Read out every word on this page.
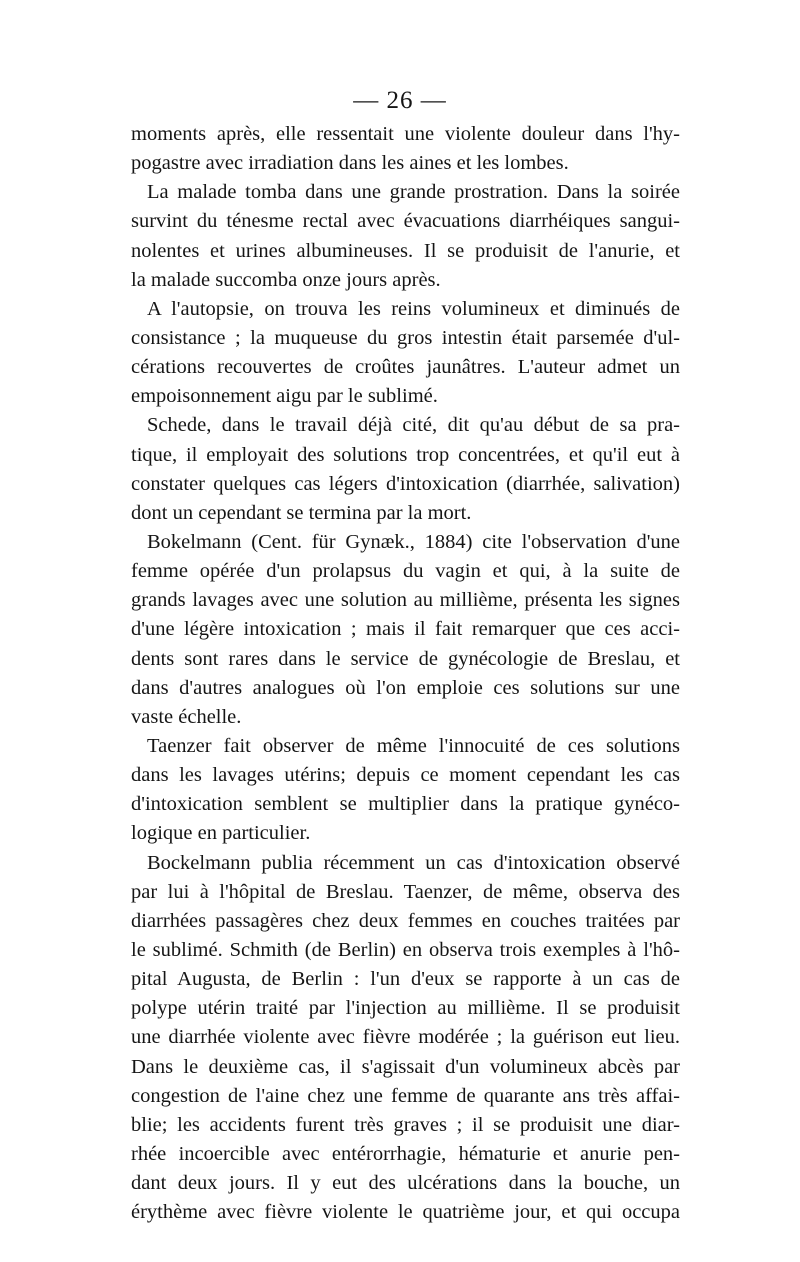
— 26 —
moments après, elle ressentait une violente douleur dans l'hy-
pogastre avec irradiation dans les aines et les lombes.
La malade tomba dans une grande prostration. Dans la soirée
survint du ténesme rectal avec évacuations diarrhéiques sangui-
nolentes et urines albumineuses. Il se produisit de l'anurie, et
la malade succomba onze jours après.
A l'autopsie, on trouva les reins volumineux et diminués de
consistance ; la muqueuse du gros intestin était parsemée d'ul-
cérations recouvertes de croûtes jaunâtres. L'auteur admet un
empoisonnement aigu par le sublimé.
Schede, dans le travail déjà cité, dit qu'au début de sa pra-
tique, il employait des solutions trop concentrées, et qu'il eut à
constater quelques cas légers d'intoxication (diarrhée, salivation)
dont un cependant se termina par la mort.
Bokelmann (Cent. für Gynæk., 1884) cite l'observation d'une
femme opérée d'un prolapsus du vagin et qui, à la suite de
grands lavages avec une solution au millième, présenta les signes
d'une légère intoxication ; mais il fait remarquer que ces acci-
dents sont rares dans le service de gynécologie de Breslau, et
dans d'autres analogues où l'on emploie ces solutions sur une
vaste échelle.
Taenzer fait observer de même l'innocuité de ces solutions
dans les lavages utérins; depuis ce moment cependant les cas
d'intoxication semblent se multiplier dans la pratique gynéco-
logique en particulier.
Bockelmann publia récemment un cas d'intoxication observé
par lui à l'hôpital de Breslau. Taenzer, de même, observa des
diarrhées passagères chez deux femmes en couches traitées par
le sublimé. Schmith (de Berlin) en observa trois exemples à l'hô-
pital Augusta, de Berlin : l'un d'eux se rapporte à un cas de
polype utérin traité par l'injection au millième. Il se produisit
une diarrhée violente avec fièvre modérée ; la guérison eut lieu.
Dans le deuxième cas, il s'agissait d'un volumineux abcès par
congestion de l'aine chez une femme de quarante ans très affai-
blie; les accidents furent très graves ; il se produisit une diar-
rhée incoercible avec entérorrhagie, hématurie et anurie pen-
dant deux jours. Il y eut des ulcérations dans la bouche, un
érythème avec fièvre violente le quatrième jour, et qui occupa
